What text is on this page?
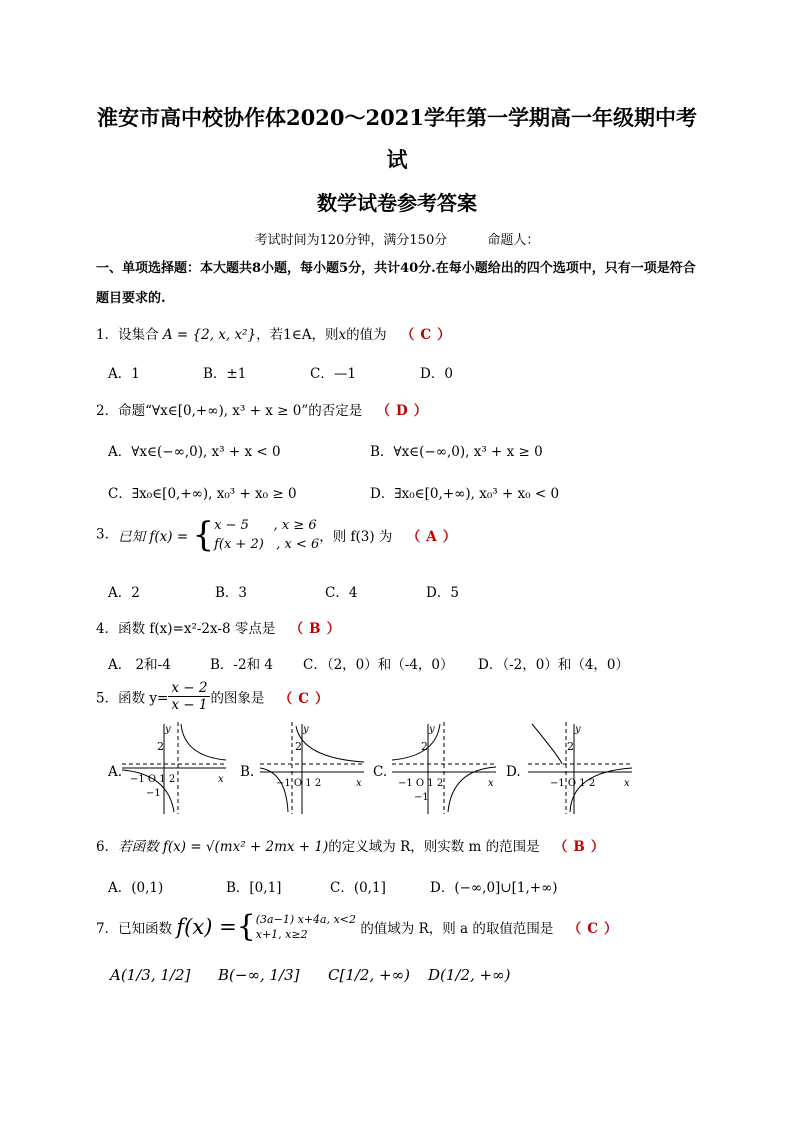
淮安市高中校协作体2020～2021学年第一学期高一年级期中考
试
数学试卷参考答案
考试时间为120分钟，满分150分	命题人：
一、单项选择题：本大题共8小题，每小题5分，共计40分.在每小题给出的四个选项中，只有一项是符合题目要求的.
1．设集合 A = {2, x, x²}，若1∈A，则x的值为 （ C ）
A．1	B．±1	C．—1	D．0
2．命题“∀x∈[0,+∞), x³ + x ≥ 0”的否定是 （ D ）
A．∀x∈(−∞,0), x³ + x < 0	B．∀x∈(−∞,0), x³ + x ≥ 0
C．∃x₀∈[0,+∞), x₀³ + x₀ ≥ 0	D．∃x₀∈[0,+∞), x₀³ + x₀ < 0
3．已知 f(x) = { x − 5      , x ≥ 6
f(x + 2)   , x < 6 ，则 f(3) 为 （ A ）
A．2	B．3	C．4	D．5
4．函数 f(x)=x²-2x-8 零点是 （ B ）
A． 2和-4	B．-2和 4 C．（2，0）和（-4，0） D．（-2，0）和（4，0）
5．函数 $y= \frac{x - 2}{x - 1}$ 的图象是 （ C ）
A.	B.	C.	D.
2
y
x
−1 O 1 2
−1
2
y
x
−1 O 1 2
2
y
x
−1 O 1 2
−1
2
y
x
−1 O 1 2
6．若函数 f(x) = √(mx² + 2mx + 1)的定义域为 R，则实数 m 的范围是 （ B ）
A．(0,1)	B．[0,1]	C．(0,1]	D．(−∞,0]∪[1,+∞)
7．已知函数 f(x) ={ (3a−1) x+4a, x<2
x+1, x≥2	的值域为 R，则 a 的取值范围是 （ C ）
A(1/3, 1/2] B(−∞, 1/3] C[1/2, +∞) D(1/2, +∞)
